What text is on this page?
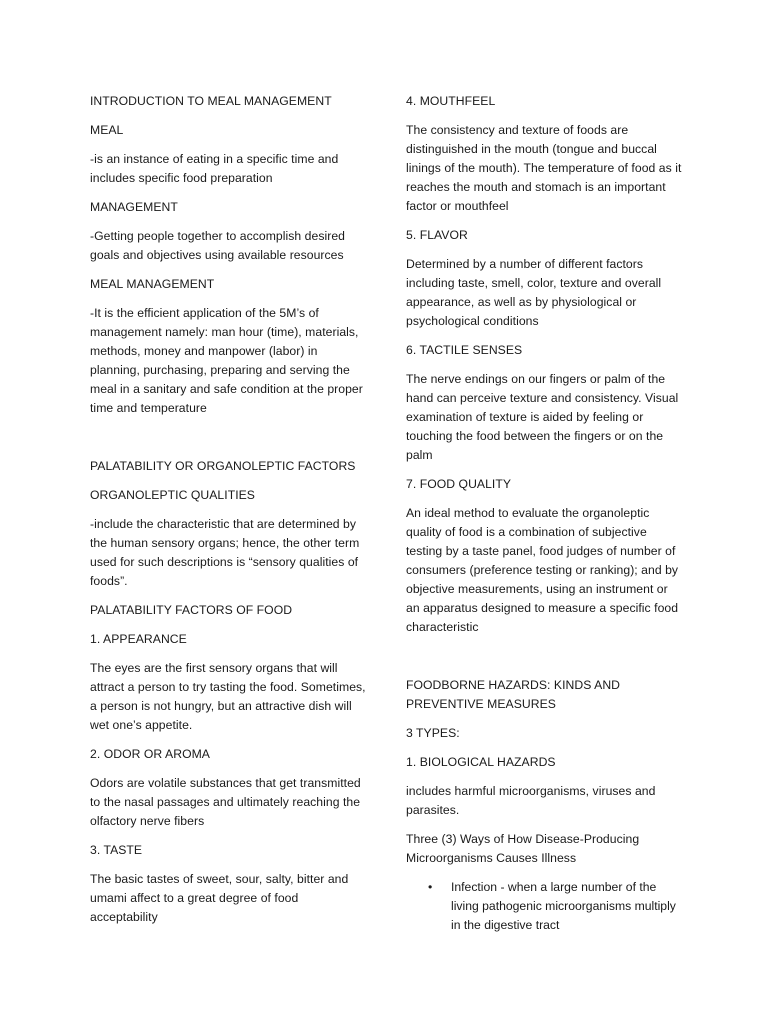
INTRODUCTION TO MEAL MANAGEMENT

MEAL

-is an instance of eating in a specific time and includes specific food preparation

MANAGEMENT

-Getting people together to accomplish desired goals and objectives using available resources

MEAL MANAGEMENT

-It is the efficient application of the 5M’s of management namely: man hour (time), materials, methods, money and manpower (labor) in planning, purchasing, preparing and serving the meal in a sanitary and safe condition at the proper time and temperature

PALATABILITY OR ORGANOLEPTIC FACTORS

ORGANOLEPTIC QUALITIES

-include the characteristic that are determined by the human sensory organs; hence, the other term used for such descriptions is “sensory qualities of foods”.

PALATABILITY FACTORS OF FOOD

1. APPEARANCE

The eyes are the first sensory organs that will attract a person to try tasting the food. Sometimes, a person is not hungry, but an attractive dish will wet one’s appetite.

2. ODOR OR AROMA

Odors are volatile substances that get transmitted to the nasal passages and ultimately reaching the olfactory nerve fibers

3. TASTE

The basic tastes of sweet, sour, salty, bitter and umami affect to a great degree of food acceptability

4. MOUTHFEEL

The consistency and texture of foods are distinguished in the mouth (tongue and buccal linings of the mouth). The temperature of food as it reaches the mouth and stomach is an important factor or mouthfeel

5. FLAVOR

Determined by a number of different factors including taste, smell, color, texture and overall appearance, as well as by physiological or psychological conditions

6. TACTILE SENSES

The nerve endings on our fingers or palm of the hand can perceive texture and consistency. Visual examination of texture is aided by feeling or touching the food between the fingers or on the palm

7. FOOD QUALITY

An ideal method to evaluate the organoleptic quality of food is a combination of subjective testing by a taste panel, food judges of number of consumers (preference testing or ranking); and by objective measurements, using an instrument or an apparatus designed to measure a specific food characteristic

FOODBORNE HAZARDS: KINDS AND PREVENTIVE MEASURES

3 TYPES:

1. BIOLOGICAL HAZARDS

includes harmful microorganisms, viruses and parasites.

Three (3) Ways of How Disease-Producing Microorganisms Causes Illness

•	Infection - when a large number of the living pathogenic microorganisms multiply in the digestive tract
